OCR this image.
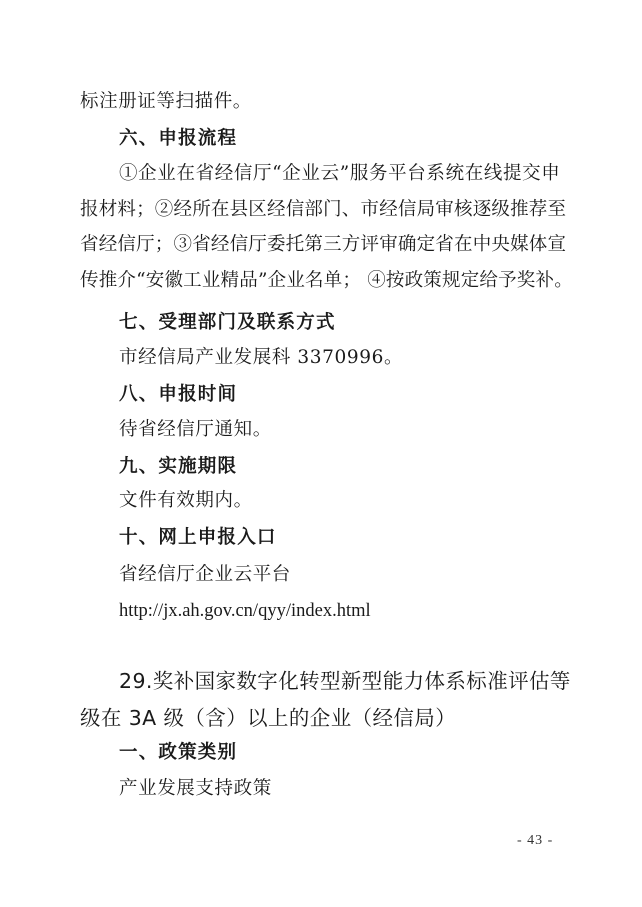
标注册证等扫描件。
六、申报流程
①企业在省经信厅“企业云”服务平台系统在线提交申
报材料；②经所在县区经信部门、市经信局审核逐级推荐至
省经信厅；③省经信厅委托第三方评审确定省在中央媒体宣
传推介“安徽工业精品”企业名单； ④按政策规定给予奖补。
七、受理部门及联系方式
市经信局产业发展科 3370996。
八、申报时间
待省经信厅通知。
九、实施期限
文件有效期内。
十、网上申报入口
省经信厅企业云平台
http://jx.ah.gov.cn/qyy/index.html
29.奖补国家数字化转型新型能力体系标准评估等
级在 3A 级（含）以上的企业（经信局）
一、政策类别
产业发展支持政策
- 43 -
